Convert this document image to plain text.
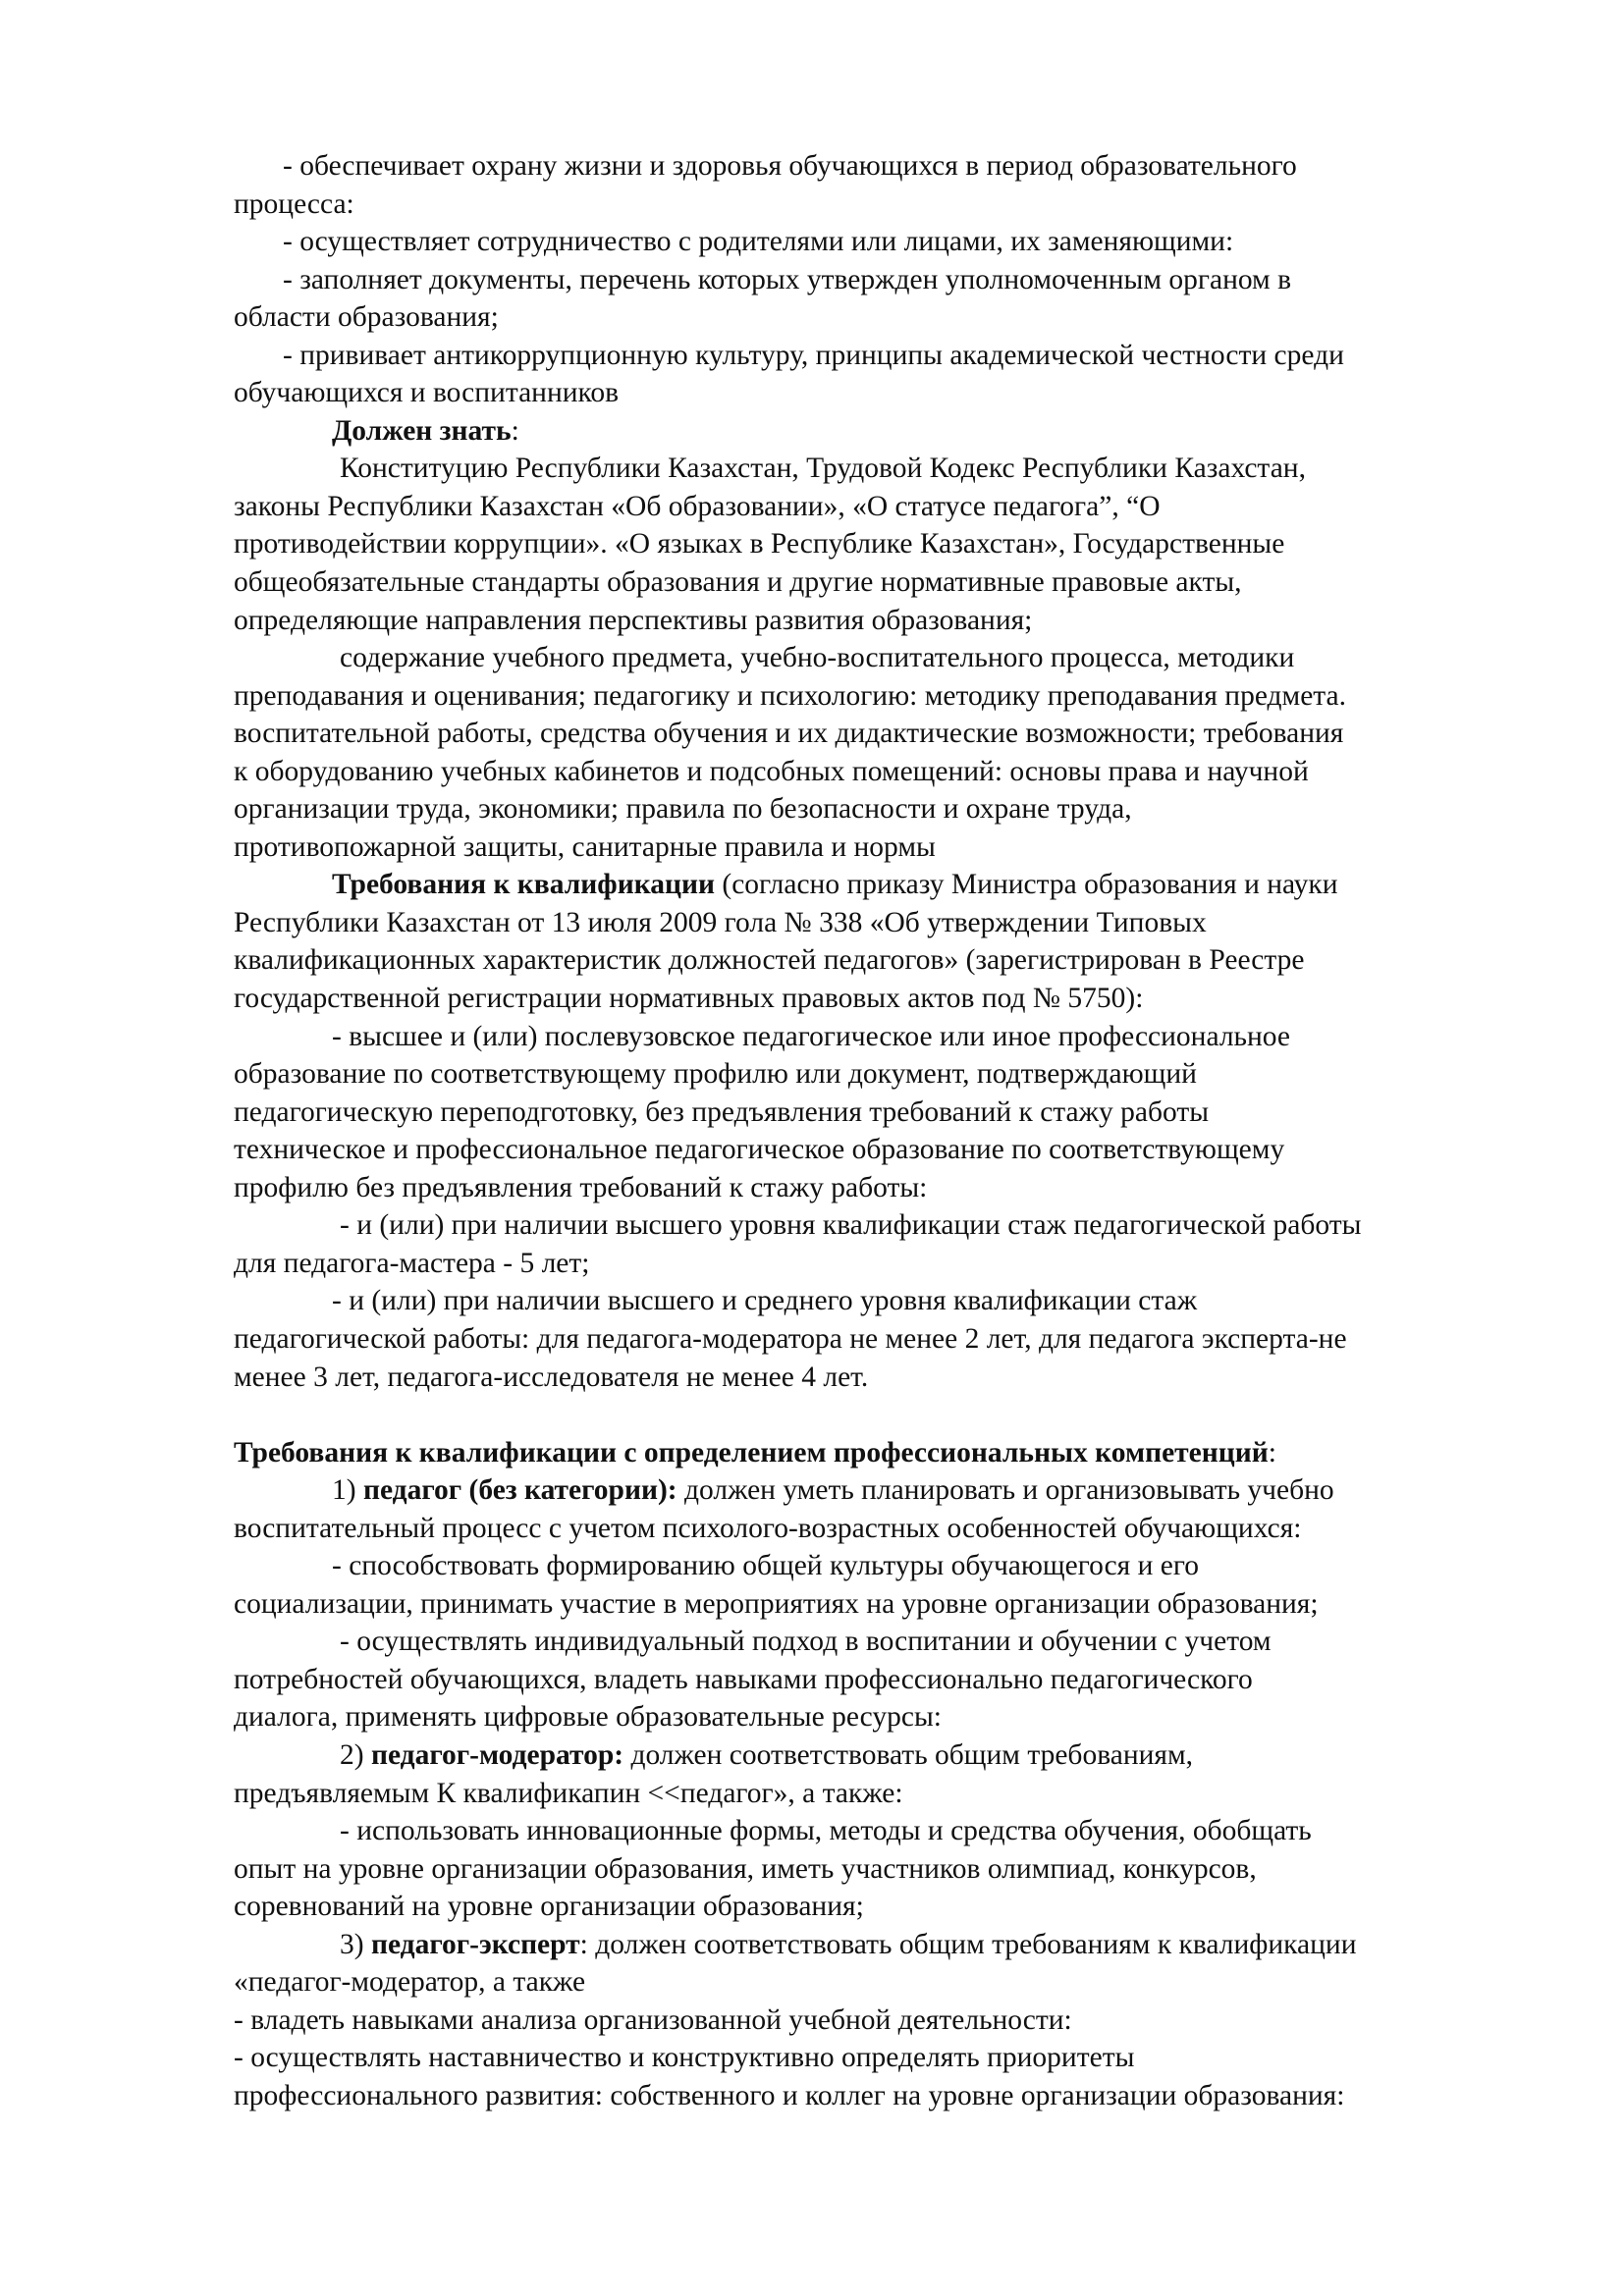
- обеспечивает охрану жизни и здоровья обучающихся в период образовательного
процесса:
- осуществляет сотрудничество с родителями или лицами, их заменяющими:
- заполняет документы, перечень которых утвержден уполномоченным органом в
области образования;
- прививает антикоррупционную культуру, принципы академической честности среди
обучающихся и воспитанников
Должен знать:
Конституцию Республики Казахстан, Трудовой Кодекс Республики Казахстан,
законы Республики Казахстан «Об образовании», «О статусе педагога”, “О
противодействии коррупции». «О языках в Республике Казахстан», Государственные
общеобязательные стандарты образования и другие нормативные правовые акты,
определяющие направления перспективы развития образования;
содержание учебного предмета, учебно-воспитательного процесса, методики
преподавания и оценивания; педагогику и психологию: методику преподавания предмета.
воспитательной работы, средства обучения и их дидактические возможности; требования
к оборудованию учебных кабинетов и подсобных помещений: основы права и научной
организации труда, экономики; правила по безопасности и охране труда,
противопожарной защиты, санитарные правила и нормы
Требования к квалификации (согласно приказу Министра образования и науки
Республики Казахстан от 13 июля 2009 гола № 338 «Об утверждении Типовых
квалификационных характеристик должностей педагогов» (зарегистрирован в Реестре
государственной регистрации нормативных правовых актов под № 5750):
- высшее и (или) послевузовское педагогическое или иное профессиональное
образование по соответствующему профилю или документ, подтверждающий
педагогическую переподготовку, без предъявления требований к стажу работы
техническое и профессиональное педагогическое образование по соответствующему
профилю без предъявления требований к стажу работы:
- и (или) при наличии высшего уровня квалификации стаж педагогической работы
для педагога-мастера - 5 лет;
- и (или) при наличии высшего и среднего уровня квалификации стаж
педагогической работы: для педагога-модератора не менее 2 лет, для педагога эксперта-не
менее 3 лет, педагога-исследователя не менее 4 лет.
Требования к квалификации с определением профессиональных компетенций:
1) педагог (без категории): должен уметь планировать и организовывать учебно
воспитательный процесс с учетом психолого-возрастных особенностей обучающихся:
- способствовать формированию общей культуры обучающегося и его
социализации, принимать участие в мероприятиях на уровне организации образования;
- осуществлять индивидуальный подход в воспитании и обучении с учетом
потребностей обучающихся, владеть навыками профессионально педагогического
диалога, применять цифровые образовательные ресурсы:
2) педагог-модератор: должен соответствовать общим требованиям,
предъявляемым К квалификапин <<педагог», а также:
- использовать инновационные формы, методы и средства обучения, обобщать
опыт на уровне организации образования, иметь участников олимпиад, конкурсов,
соревнований на уровне организации образования;
3) педагог-эксперт: должен соответствовать общим требованиям к квалификации
«педагог-модератор, а также
- владеть навыками анализа организованной учебной деятельности:
- осуществлять наставничество и конструктивно определять приоритеты
профессионального развития: собственного и коллег на уровне организации образования:
